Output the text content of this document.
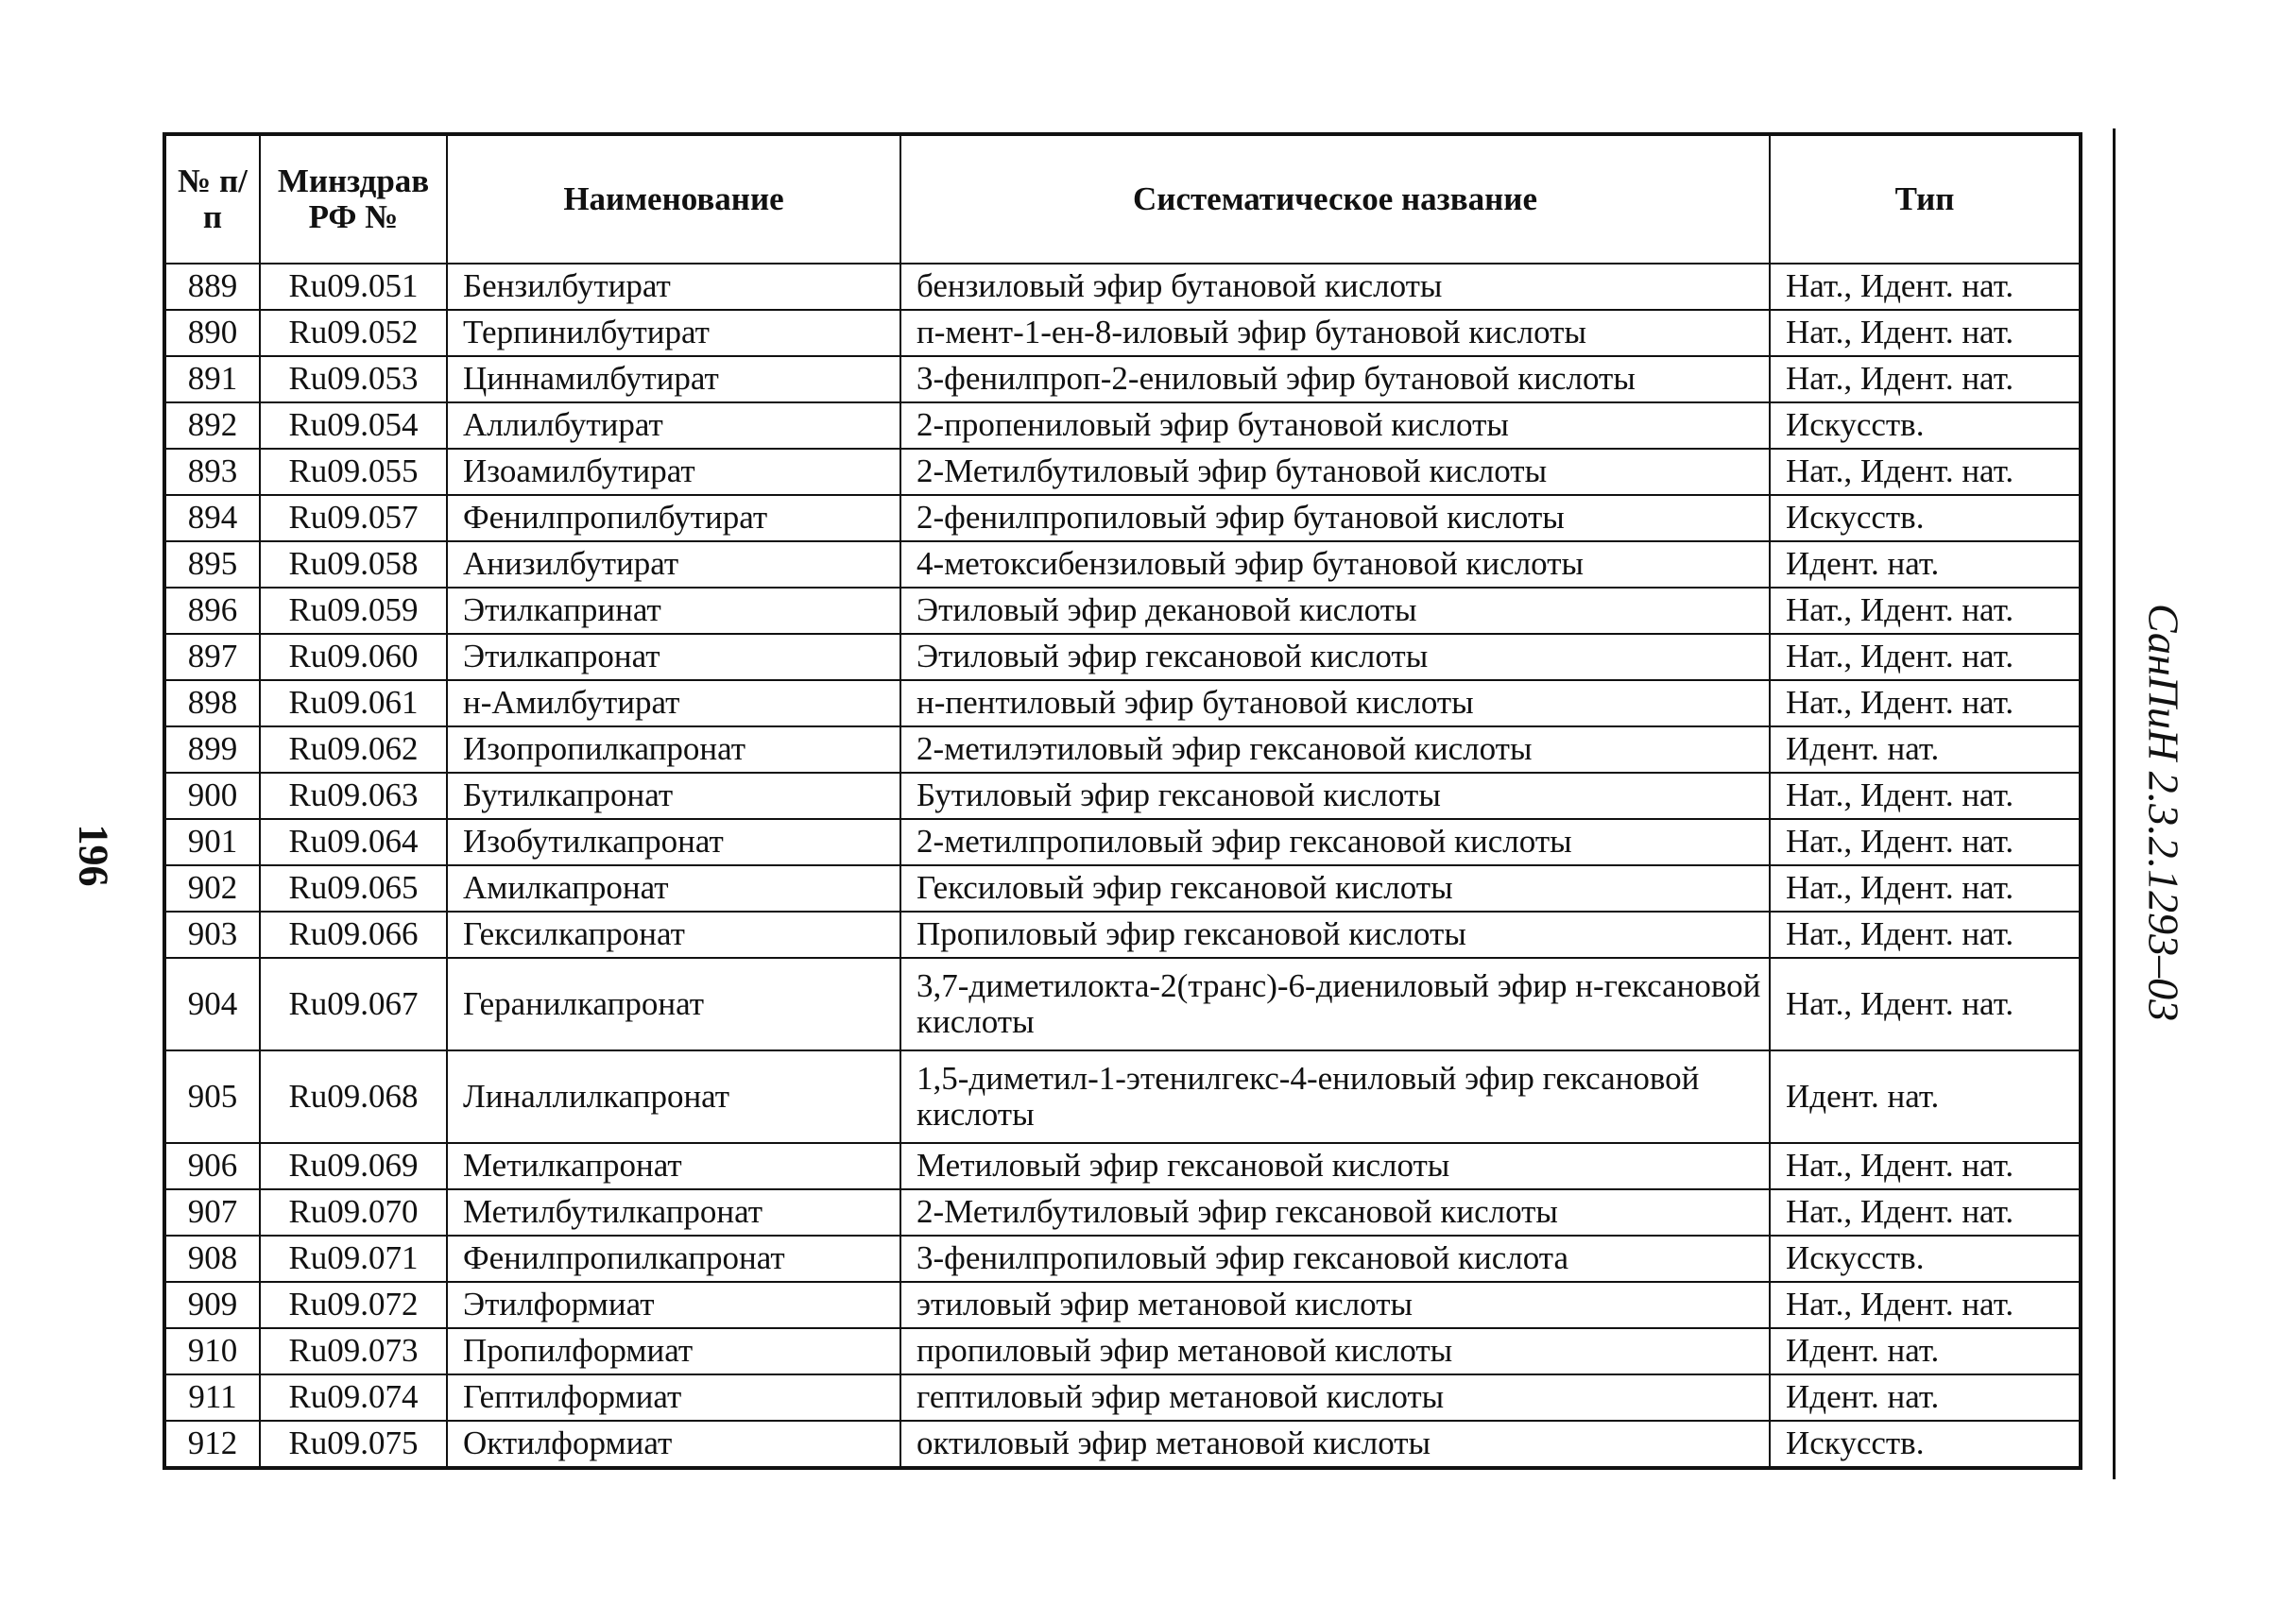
196	СанПиН 2.3.2.1293–03
№ п/п	Минздрав РФ №	Наименование	Систематическое название	Тип
889	Ru09.051	Бензилбутират	бензиловый эфир бутановой кислоты	Нат., Идент. нат.
890	Ru09.052	Терпинилбутират	п-мент-1-ен-8-иловый эфир бутановой кислоты	Нат., Идент. нат.
891	Ru09.053	Циннамилбутират	3-фенилпроп-2-ениловый эфир бутановой кислоты	Нат., Идент. нат.
892	Ru09.054	Аллилбутират	2-пропениловый эфир бутановой кислоты	Искусств.
893	Ru09.055	Изоамилбутират	2-Метилбутиловый эфир бутановой кислоты	Нат., Идент. нат.
894	Ru09.057	Фенилпропилбутират	2-фенилпропиловый эфир бутановой кислоты	Искусств.
895	Ru09.058	Анизилбутират	4-метоксибензиловый эфир бутановой кислоты	Идент. нат.
896	Ru09.059	Этилкапринат	Этиловый эфир декановой кислоты	Нат., Идент. нат.
897	Ru09.060	Этилкапронат	Этиловый эфир гексановой кислоты	Нат., Идент. нат.
898	Ru09.061	н-Амилбутират	н-пентиловый эфир бутановой кислоты	Нат., Идент. нат.
899	Ru09.062	Изопропилкапронат	2-метилэтиловый эфир гексановой кислоты	Идент. нат.
900	Ru09.063	Бутилкапронат	Бутиловый эфир гексановой кислоты	Нат., Идент. нат.
901	Ru09.064	Изобутилкапронат	2-метилпропиловый эфир гексановой кислоты	Нат., Идент. нат.
902	Ru09.065	Амилкапронат	Гексиловый эфир гексановой кислоты	Нат., Идент. нат.
903	Ru09.066	Гексилкапронат	Пропиловый эфир гексановой кислоты	Нат., Идент. нат.
904	Ru09.067	Геранилкапронат	3,7-диметилокта-2(транс)-6-диениловый эфир н-гексановой кислоты	Нат., Идент. нат.
905	Ru09.068	Линаллилкапронат	1,5-диметил-1-этенилгекс-4-ениловый эфир гексановой кислоты	Идент. нат.
906	Ru09.069	Метилкапронат	Метиловый эфир гексановой кислоты	Нат., Идент. нат.
907	Ru09.070	Метилбутилкапронат	2-Метилбутиловый эфир гексановой кислоты	Нат., Идент. нат.
908	Ru09.071	Фенилпропилкапронат	3-фенилпропиловый эфир гексановой кислота	Искусств.
909	Ru09.072	Этилформиат	этиловый эфир метановой кислоты	Нат., Идент. нат.
910	Ru09.073	Пропилформиат	пропиловый эфир метановой кислоты	Идент. нат.
911	Ru09.074	Гептилформиат	гептиловый эфир метановой кислоты	Идент. нат.
912	Ru09.075	Октилформиат	октиловый эфир метановой кислоты	Искусств.
